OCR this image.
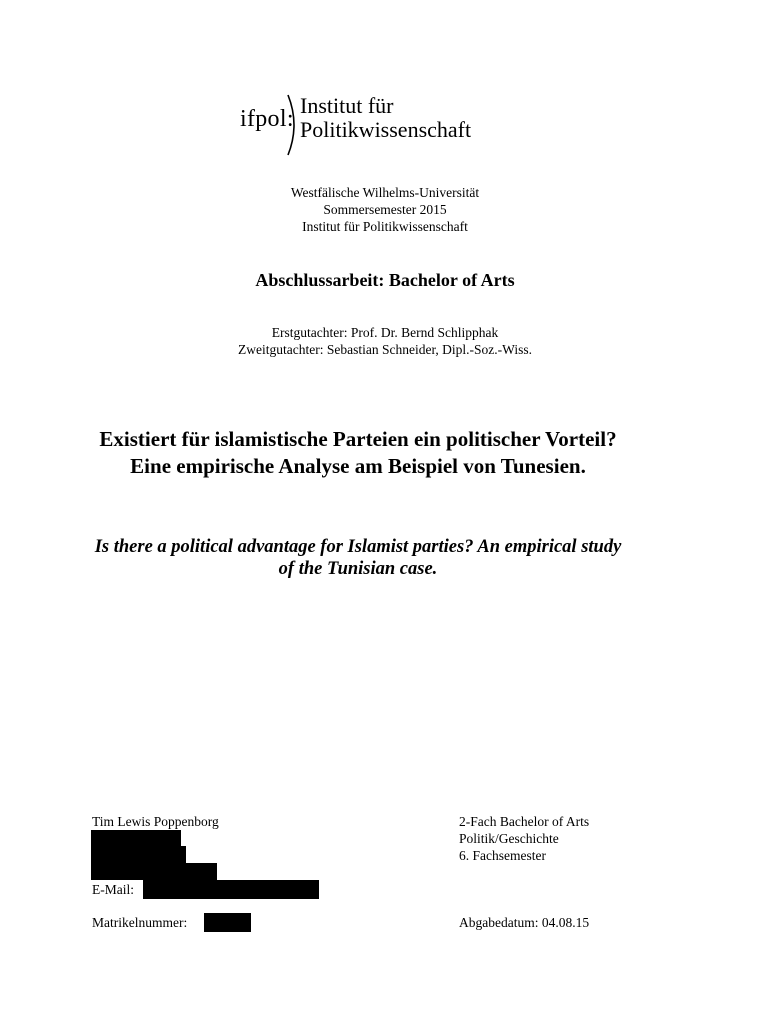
ifpol:
Institut für
Politikwissenschaft
Westfälische Wilhelms-Universität
Sommersemester 2015
Institut für Politikwissenschaft
Abschlussarbeit: Bachelor of Arts
Erstgutachter: Prof. Dr. Bernd Schlipphak
Zweitgutachter: Sebastian Schneider, Dipl.-Soz.-Wiss.
Existiert für islamistische Parteien ein politischer Vorteil? Eine empirische Analyse am Beispiel von Tunesien.
Is there a political advantage for Islamist parties? An empirical study of the Tunisian case.
Tim Lewis Poppenborg
E-Mail:
Matrikelnummer:
2-Fach Bachelor of Arts
Politik/Geschichte
6. Fachsemester
Abgabedatum: 04.08.15
